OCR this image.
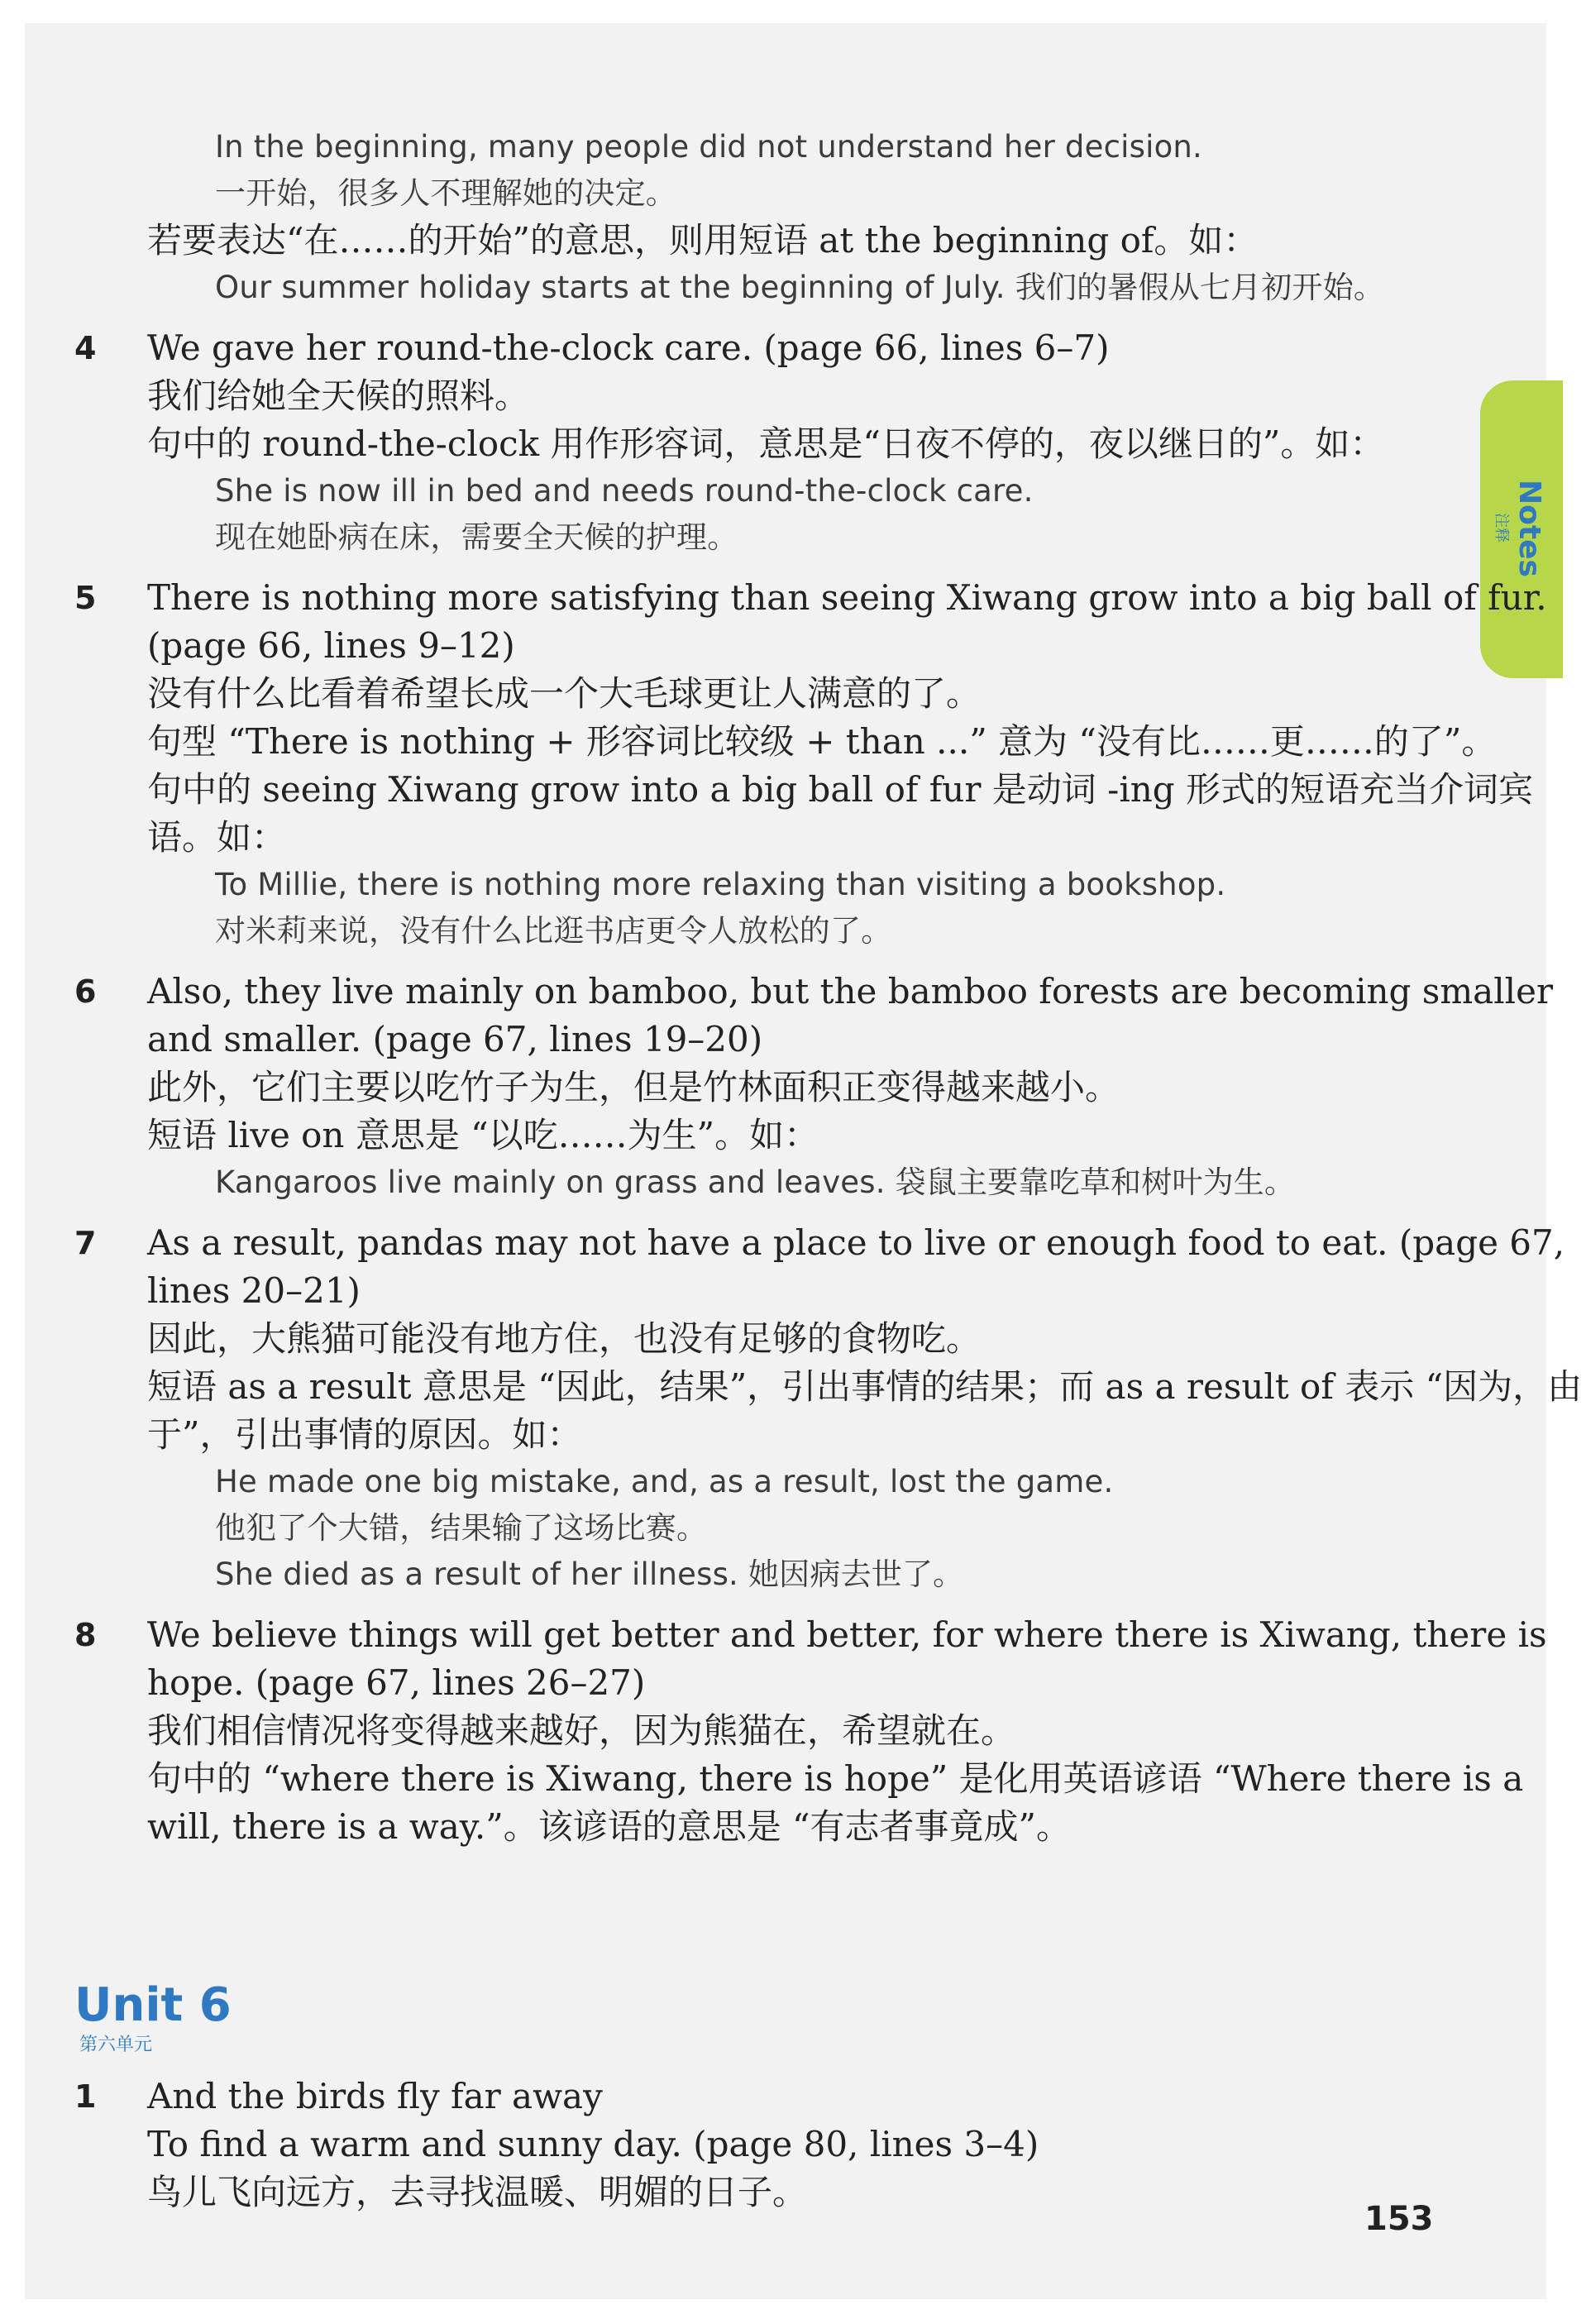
Notes
注释
In the beginning, many people did not understand her decision.
一开始，很多人不理解她的决定。
若要表达“在……的开始”的意思，则用短语 at the beginning of。如：
Our summer holiday starts at the beginning of July. 我们的暑假从七月初开始。
4	We gave her round-the-clock care. (page 66, lines 6–7)
我们给她全天候的照料。
句中的 round-the-clock 用作形容词，意思是“日夜不停的，夜以继日的”。如：
She is now ill in bed and needs round-the-clock care.
现在她卧病在床，需要全天候的护理。
5	There is nothing more satisfying than seeing Xiwang grow into a big ball of fur.
(page 66, lines 9–12)
没有什么比看着希望长成一个大毛球更让人满意的了。
句型 “There is nothing + 形容词比较级 + than ...” 意为 “没有比……更……的了”。
句中的 seeing Xiwang grow into a big ball of fur 是动词 -ing 形式的短语充当介词宾
语。如：
To Millie, there is nothing more relaxing than visiting a bookshop.
对米莉来说，没有什么比逛书店更令人放松的了。
6	Also, they live mainly on bamboo, but the bamboo forests are becoming smaller
and smaller. (page 67, lines 19–20)
此外，它们主要以吃竹子为生，但是竹林面积正变得越来越小。
短语 live on 意思是 “以吃……为生”。如：
Kangaroos live mainly on grass and leaves. 袋鼠主要靠吃草和树叶为生。
7	As a result, pandas may not have a place to live or enough food to eat. (page 67,
lines 20–21)
因此，大熊猫可能没有地方住，也没有足够的食物吃。
短语 as a result 意思是 “因此，结果”，引出事情的结果；而 as a result of 表示 “因为，由
于”，引出事情的原因。如：
He made one big mistake, and, as a result, lost the game.
他犯了个大错，结果输了这场比赛。
She died as a result of her illness. 她因病去世了。
8	We believe things will get better and better, for where there is Xiwang, there is
hope. (page 67, lines 26–27)
我们相信情况将变得越来越好，因为熊猫在，希望就在。
句中的 “where there is Xiwang, there is hope” 是化用英语谚语 “Where there is a
will, there is a way.”。该谚语的意思是 “有志者事竟成”。
Unit 6
第六单元
1	And the birds fly far away
To find a warm and sunny day. (page 80, lines 3–4)
鸟儿飞向远方，去寻找温暖、明媚的日子。
153
